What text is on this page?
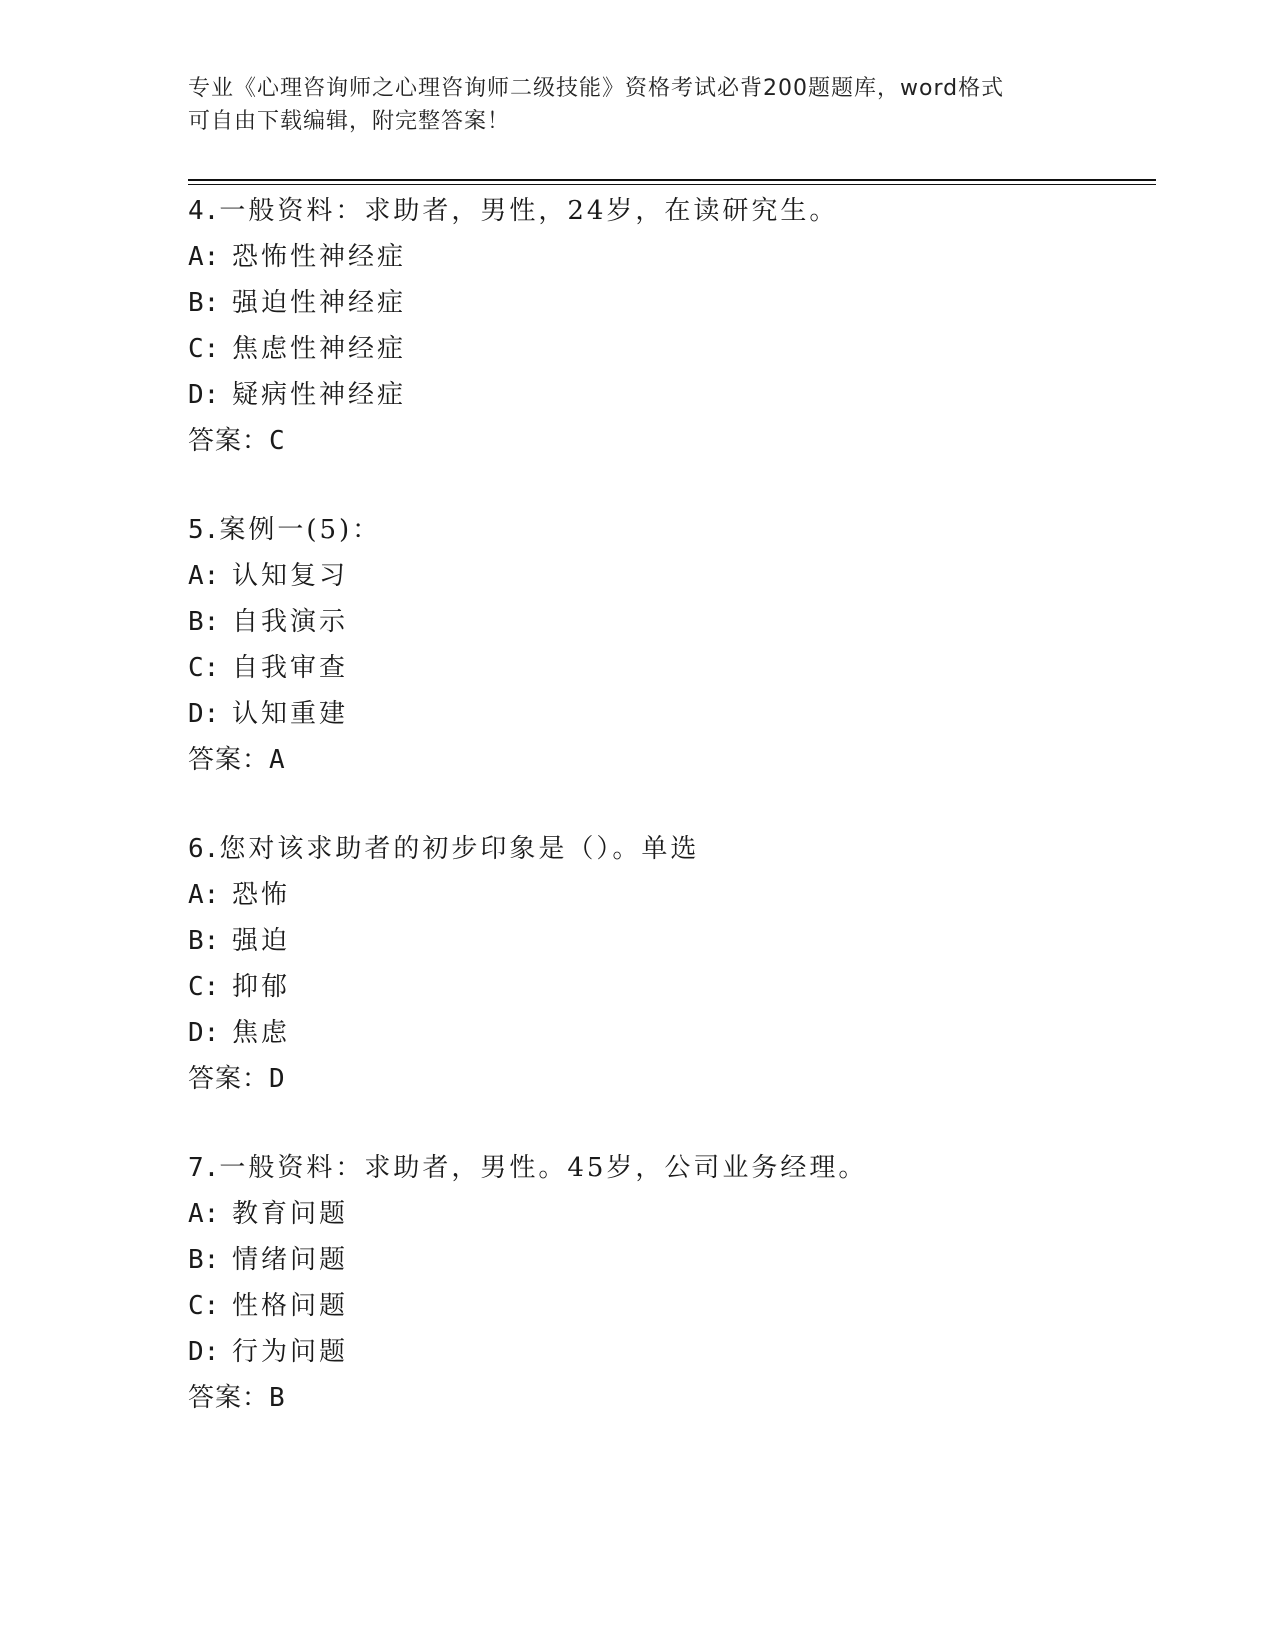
专业《心理咨询师之心理咨询师二级技能》资格考试必背200题题库，word格式
可自由下载编辑，附完整答案！
4.一般资料：求助者，男性，24岁，在读研究生。
A: 恐怖性神经症
B: 强迫性神经症
C: 焦虑性神经症
D: 疑病性神经症
答案：C
5.案例一(5)：
A: 认知复习
B: 自我演示
C: 自我审查
D: 认知重建
答案：A
6.您对该求助者的初步印象是（）。单选
A: 恐怖
B: 强迫
C: 抑郁
D: 焦虑
答案：D
7.一般资料：求助者，男性。45岁，公司业务经理。
A: 教育问题
B: 情绪问题
C: 性格问题
D: 行为问题
答案：B
